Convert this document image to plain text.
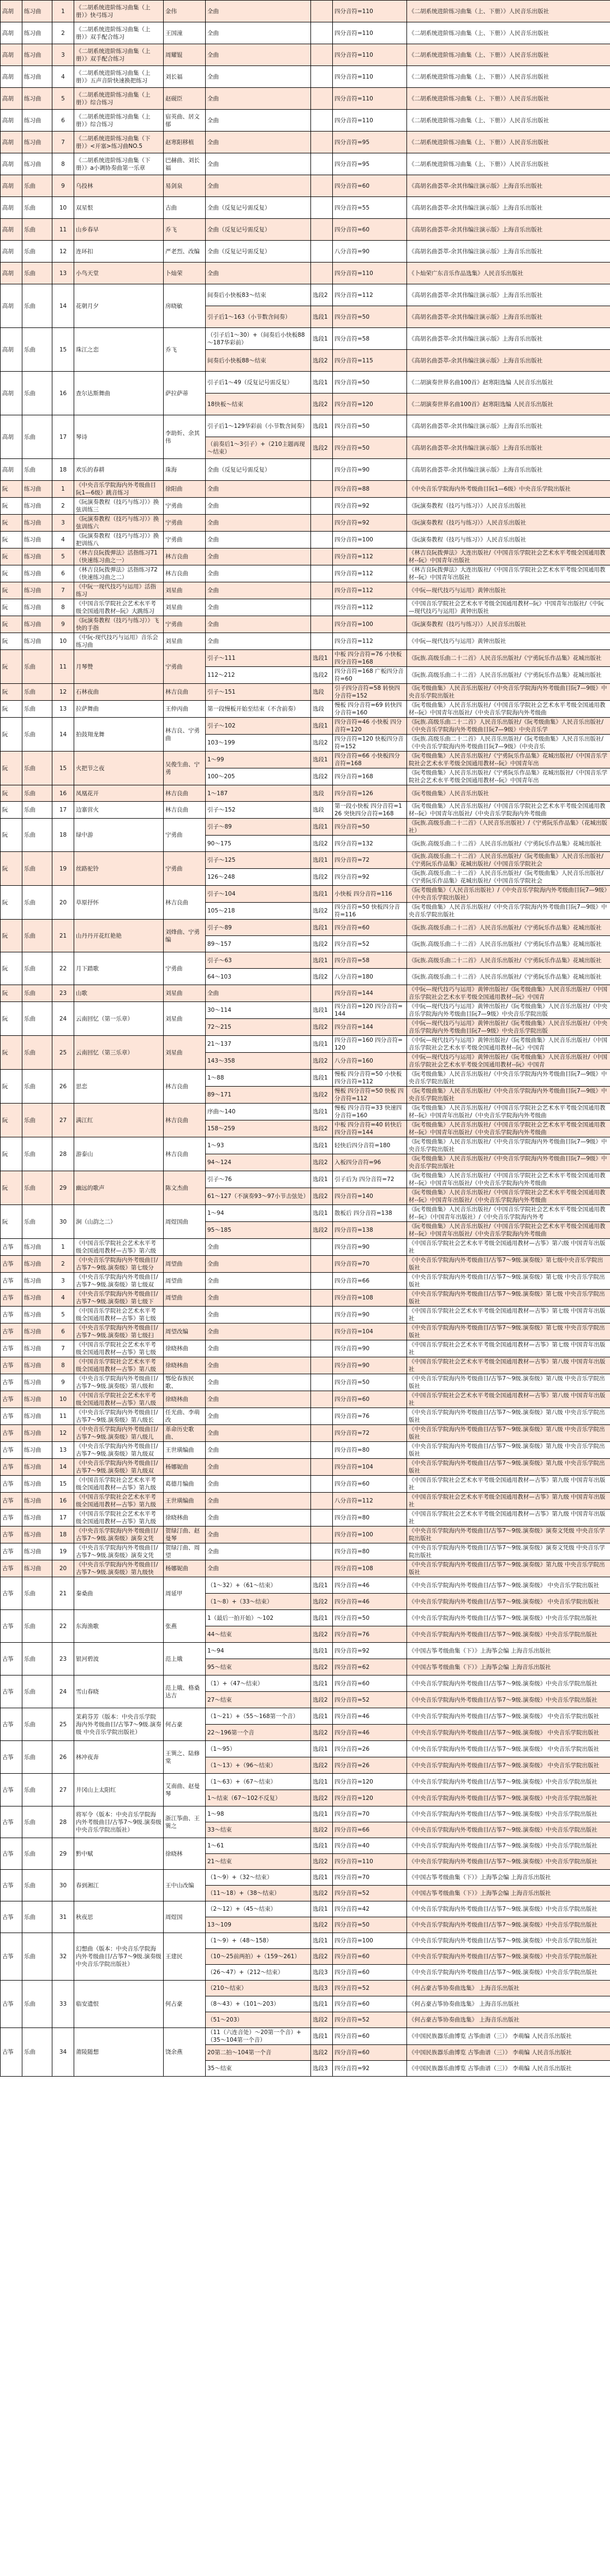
高胡	练习曲	1	《二胡系统进阶练习曲集（上册）》快弓练习	金伟	全曲		四分音符=110	《二胡系统进阶练习曲集（上、下册）》人民音乐出版社
高胡	练习曲	2	《二胡系统进阶练习曲集（上册）》双手配合练习	王国潼	全曲		四分音符=110	《二胡系统进阶练习曲集（上、下册）》人民音乐出版社
高胡	练习曲	3	《二胡系统进阶练习曲集（上册）》双手配合练习	周耀锟	全曲		四分音符=110	《二胡系统进阶练习曲集（上、下册）》人民音乐出版社
高胡	练习曲	4	《二胡系统进阶练习曲集（上册）》五声音阶快速换把练习	刘长福	全曲		四分音符=110	《二胡系统进阶练习曲集（上、下册）》人民音乐出版社
高胡	练习曲	5	《二胡系统进阶练习曲集（上册）》综合练习	赵砚臣	全曲		四分音符=110	《二胡系统进阶练习曲集（上、下册）》人民音乐出版社
高胡	练习曲	6	《二胡系统进阶练习曲集（上册）》综合练习	宿英曲、居文郁	全曲		四分音符=110	《二胡系统进阶练习曲集（上、下册）》人民音乐出版社
高胡	练习曲	7	《二胡系统进阶练习曲集（下册）》<开塞>练习曲NO.5	赵寒阳移植	全曲		四分音符=95	《二胡系统进阶练习曲集（上、下册）》人民音乐出版社
高胡	练习曲	8	《二胡系统进阶练习曲集（下册）》a小调协奏曲第一乐章	巴赫曲、刘长福	全曲		四分音符=95	《二胡系统进阶练习曲集（上、下册）》人民音乐出版社
高胡	乐曲	9	乌投林	易剑泉	全曲		四分音符=60	《高胡名曲荟萃-余其伟编注演示版》上海音乐出版社
高胡	乐曲	10	双星恨	古曲	全曲（反复记号需反复）		四分音符=55	《高胡名曲荟萃-余其伟编注演示版》上海音乐出版社
高胡	乐曲	11	山乡春早	乔飞	全曲（反复记号需反复）		四分音符=60	《高胡名曲荟萃-余其伟编注演示版》上海音乐出版社
高胡	乐曲	12	连环扣	严老烈、改编	全曲（反复记号需反复）		八分音符=90	《高胡名曲荟萃-余其伟编注演示版》上海音乐出版社
高胡	乐曲	13	小鸟天堂	卜灿荣	全曲		四分音符=110	《卜灿荣广东音乐作品选集》人民音乐出版社
高胡	乐曲	14	花朝月夕	房晓敏	间奏后小快板83～结束	选段2	四分音符=112	《高胡名曲荟萃-余其伟编注演示版》上海音乐出版社
					引子后1～163（小节数含间奏）	选段1	四分音符=50	《高胡名曲荟萃-余其伟编注演示版》上海音乐出版社
高胡	乐曲	15	珠江之恋	乔飞	（引子后1～30）+（间奏后小快板88～187华彩前）	选段1	四分音符=58	《高胡名曲荟萃-余其伟编注演示版》上海音乐出版社
					间奏后小快板88～结束	选段2	四分音符=115	《高胡名曲荟萃-余其伟编注演示版》上海音乐出版社
高胡	乐曲	16	查尔达斯舞曲	萨拉萨蒂	引子后1～49（反复记号需反复）	选段1	四分音符=50	《二胡演奏世界名曲100首》赵寒阳选编 人民音乐出版社
					18快板～结束	选段2	四分音符=120	《二胡演奏世界名曲100首》赵寒阳选编 人民音乐出版社
高胡	乐曲	17	琴诗	李助炘、余其伟	引子后1～129华彩前（小节数含间奏）	选段1	四分音符=50	《高胡名曲荟萃-余其伟编注演示版》上海音乐出版社
					（前奏后1～3引子）+（210主题再现～结束）	选段2	四分音符=50	《高胡名曲荟萃-余其伟编注演示版》上海音乐出版社
高胡	乐曲	18	欢乐的春耕	珠海	全曲（反复记号需反复）		四分音符=90	《高胡名曲荟萃-余其伟编注演示版》上海音乐出版社
阮	练习曲	1	《中央音乐学院海内外考级曲目阮1—6级》跳音练习	徐阳曲	全曲		四分音符=88	《中央音乐学院海内外考级曲目阮1—6级》中央音乐学院出版社
阮	练习曲	2	《阮演奏教程（技巧与练习）》换弦训练三	宁勇曲	全曲		四分音符=92	《阮演奏教程（技巧与练习）》人民音乐出版社
阮	练习曲	3	《阮演奏教程（技巧与练习）》换弦训练六	宁勇曲	全曲		四分音符=92	《阮演奏教程（技巧与练习）》人民音乐出版社
阮	练习曲	4	《阮演奏教程（技巧与练习）》换把训练八	宁勇曲	全曲		四分音符=100	《阮演奏教程（技巧与练习）》人民音乐出版社
阮	练习曲	5	《林吉良阮拨弹法》活指练习71（快速练习曲之一）	林吉良曲	全曲		四分音符=112	《林吉良阮拨弹法》大连出版社/《中国音乐学院社会艺术水平考级全国通用教材--阮》中国青年出版社
阮	练习曲	6	《林吉良阮拨弹法》活指练习72（快速练习曲之二）	林吉良曲	全曲		四分音符=112	《林吉良阮拨弹法》大连出版社/《中国音乐学院社会艺术水平考级全国通用教材--阮》中国青年出版社
阮	练习曲	7	《中阮一现代技巧与运用》活指练习	刘星曲	全曲		四分音符=112	《中阮—现代技巧与运用》黄钟出版社
阮	练习曲	8	《中国音乐学院社会艺术水平考级全国通用教材--阮》大跳练习	刘星曲	全曲		四分音符=112	《中国音乐学院社会艺术水平考级全国通用教材--阮》中国青年出版社/《中阮—现代技巧与运用》黄钟出版社
阮	练习曲	9	《阮演奏教程（技巧与练习）》飞快的手指	宁勇曲	全曲		四分音符=100	《阮演奏教程（技巧与练习）》人民音乐出版社
阮	练习曲	10	《中阮-现代技巧与运用》音乐会练习曲	刘星曲	全曲		四分音符=112	《中阮—现代技巧与运用》黄钟出版社
阮	乐曲	11	月琴赞	宁勇曲	引子～111	选段1	中板 四分音符=76 小快板 四分音符=168	《阮族.高级乐曲二十二首》人民音乐出版社/《宁勇阮乐作品集》花城出版社
					112～212	选段2	四分音符=168 广板四分音符=60	《阮族.高级乐曲二十二首》人民音乐出版社/《宁勇阮乐作品集》花城出版社
阮	乐曲	12	石林夜曲	林吉良曲	引子～151	选段	引子四分音符=58 转快四分音符=152	《阮考级曲集》人民音乐出版社/《中央音乐学院海内外考级曲目阮7—9级》中央音乐学院出版社
阮	乐曲	13	拉萨舞曲	王仲丙曲	第一段慢板开始至结束（不含前奏）	选段	慢板 四分音符=69 转快四分音符=160	《阮考级曲集》人民音乐出版社/《中国音乐学院社会艺术水平考级全国通用教材--阮》中国青年出版社/《中央音乐学院海内外考级曲
阮	乐曲	14	拍鼓翔龙舞	林吉良、宁勇曲	引子～102	选段1	四分音符=46 小快板 四分音符=120	《阮族.高级乐曲二十二首》人民音乐出版社/《阮考级曲集》人民音乐出版社/《中央音乐学院海内外考级曲目阮7—9级》中央音乐学
					103～199	选段2	四分音符=120 快板四分音符=152	《阮族.高级乐曲二十二首》人民音乐出版社/《阮考级曲集》人民音乐出版社/《中央音乐学院海内外考级曲目阮7—9级》（中央音乐
阮	乐曲	15	火把节之夜	吴俊生曲、宁勇	1～99	选段1	四分音符=66 小快板四分音符=168	《阮考级曲集》人民音乐出版社/《宁勇阮乐作品集》花城出版社/《中国音乐学院社会艺术水平考级全国通用教材--阮》中国青年出
					100～205	选段2	四分音符=168	《阮考级曲集》人民音乐出版社/《宁勇阮乐作品集》花城出版社/《中国音乐学院社会艺术水平考级全国通用教材--阮》中国青年出
阮	乐曲	16	凤凰花开	林吉良曲	1～187	选段	四分音符=126	《阮考级曲集》人民音乐出版社
阮	乐曲	17	边寨营火	林吉良曲	引子～152	选段	第一段小快板 四分音符=126 突快四分音符=168	《阮考级曲集》人民音乐出版社/《中国音乐学院社会艺术水平考级全国通用教材--阮》中国青年出版社/《中央音乐学院海内外考级曲
阮	乐曲	18	绿中游	宁勇曲	引子～89	选段1	四分音符=50	《阮族.高级乐曲二十二首》（人民音乐出版社）/《宁勇阮乐作品集》（花城出版社）
					90～175	选段2	四分音符=132	《阮族.高级乐曲二十二首》人民音乐出版社/《宁勇阮乐作品集》花城出版社
阮	乐曲	19	丝路驼铃	宁勇曲	引子～125	选段1	四分音符=72	《阮族.高级乐曲二十二首》人民音乐出版社/《阮考级曲集》人民音乐出版社/《宁勇阮乐作品集》花城出版社/《中国音乐学院社会
					126～248	选段2	四分音符=92	《阮族.高级乐曲二十二首》人民音乐出版社/《阮考级曲集》人民音乐出版社/《宁勇阮乐作品集》花城出版社/《中国音乐学院社会
阮	乐曲	20	草原抒怀	林吉良曲	引子～104	选段1	小快板 四分音符=116	《阮考级曲集》（人民音乐出版社）/《中央音乐学院海内外考级曲目阮7—9级》（中央音乐学院出版社）
					105～218	选段2	四分音符=50 快板四分音符=116	《阮考级曲集》人民音乐出版社/《中央音乐学院海内外考级曲目阮7—9级》中央音乐学院出版社
阮	乐曲	21	山丹丹开花红艳艳	刘烽曲、宁勇编	引子～89	选段1	四分音符=60	《阮族.高级乐曲二十二首》人民音乐出版社/《宁勇阮乐作品集》花城出版社
					89～157	选段2	四分音符=52	《阮族.高级乐曲二十二首》人民音乐出版社/《宁勇阮乐作品集》花城出版社
阮	乐曲	22	月下踏歌	宁勇曲	引子～63	选段1	四分音符=58	《阮族.高级乐曲二十二首》人民音乐出版社/《宁勇阮乐作品集》花城出版社
					64～103	选段2	八分音符=180	《阮族.高级乐曲二十二首》人民音乐出版社/《宁勇阮乐作品集》花城出版社
阮	乐曲	23	山歌	刘星曲	全曲		四分音符=144	《中阮—现代技巧与运用》黄钟出版社/《阮考级曲集》人民音乐出版社/《中国音乐学院社会艺术水平考级全国通用教材--阮》中国青
阮	乐曲	24	云南回忆（第一乐章）	刘星曲	30～114	选段1	四分音符=120 四分音符=144	《中阮—现代技巧与运用》黄钟出版社/《阮考级曲集》人民音乐出版社/《中央音乐学院海内外考级曲目阮7—9级》中央音乐学院出版
					72～215	选段2	四分音符=144	《中阮—现代技巧与运用》黄钟出版社/《阮考级曲集》人民音乐出版社/《中央音乐学院海内外考级曲目阮7—9级》中央音乐学院出版
阮	乐曲	25	云南回忆（第三乐章）	刘星曲	21～137	选段1	四分音符=160 四分音符=120	《中阮—现代技巧与运用》黄钟出版社/《阮考级曲集》人民音乐出版社/《中国音乐学院社会艺术水平考级全国通用教材--阮》中国青
					143～358	选段2	八分音符=160	《中阮—现代技巧与运用》黄钟出版社/《阮考级曲集》人民音乐出版社/《中国音乐学院社会艺术水平考级全国通用教材--阮》中国青
阮	乐曲	26	思恋	林吉良曲	1～88	选段1	慢板 四分音符=50 小快板 四分音符=112	《阮考级曲集》人民音乐出版社/《中央音乐学院海内外考级曲目阮7—9级》中央音乐学院出版社
					89～171	选段2	慢板 四分音符=50 快板 四分音符=112	《阮考级曲集》人民音乐出版社/《中央音乐学院海内外考级曲目阮7—9级》中央音乐学院出版社
阮	乐曲	27	满江红	林吉良曲	序曲～140	选段1	慢板 四分音符=33 快速四分音符=160	《阮考级曲集》人民音乐出版社/《中国音乐学院社会艺术水平考级全国通用教材--阮》中国青年出版社/《中央音乐学院海内外考级曲
					158～259	选段2	中板 四分音符=40 转快后 四分音符=144	《阮考级曲集》人民音乐出版社/《中国音乐学院社会艺术水平考级全国通用教材--阮》中国青年出版社/《中央音乐学院海内外考级曲
阮	乐曲	28	游泰山	林吉良曲	1～93	选段1	轻快后四分音符=180	《阮考级曲集》人民音乐出版社/《中央音乐学院海内外考级曲目阮7—9级》中央音乐学院出版社
					94～124	选段2	入板四分音符=96	《阮考级曲集》人民音乐出版社/《中央音乐学院海内外考级曲目阮7—9级》中央音乐学院出版社
阮	乐曲	29	幽远的歌声	陈文杰曲	引子～76	选段1	引子后为 四分音符=72	《阮考级曲集》人民音乐出版社/《中国音乐学院社会艺术水平考级全国通用教材--阮》中国青年出版社/《中央音乐学院海内外考级曲
					61～127（不演奏93～97小节击弦处）	选段2	四分音符=140	《阮考级曲集》人民音乐出版社/《中国音乐学院社会艺术水平考级全国通用教材--阮》中国青年出版社/《中央音乐学院海内外考级曲
阮	乐曲	30	涧（山韵之二）	周煜国曲	1～94	选段1	散板后 四分音符=138	《阮考级曲集》人民音乐出版社/《中国音乐学院社会艺术水平考级全国通用教材--阮》（中国青年出版社）/《中央音乐学院海内外考
					95～185	选段2	四分音符=138	《阮考级曲集》人民音乐出版社/《中国音乐学院社会艺术水平考级全国通用教材--阮》中国青年出版社/《中央音乐学院海内外考级曲
古筝	练习曲	1	《中国音乐学院社会艺术水平考级全国通用教材—古筝》第六级		全曲		四分音符=90	《中国音乐学院社会艺术水平考级全国通用教材—古筝》第六级 中国青年出版社
古筝	练习曲	2	《中央音乐学院海内外考级曲目/古筝7～9级.演奏级》第七级分	周望曲	全曲		四分音符=70	《中央音乐学院海内外考级曲目/古筝7～9级.演奏级》第七级中央音乐学院出版社
古筝	练习曲	3	《中央音乐学院海内外考级曲目/古筝7～9级.演奏级》第七级双	周望曲	全曲		四分音符=66	《中央音乐学院海内外考级曲目/古筝7～9级.演奏级》第七级 中央音乐学院出版社
古筝	练习曲	4	《中央音乐学院海内外考级曲目/古筝7～9级.演奏级》第七级下	周望曲	全曲		四分音符=108	《中央音乐学院海内外考级曲目/古筝7～9级.演奏级》第七级 中央音乐学院出版社
古筝	练习曲	5	《中国音乐学院社会艺术水平考级全国通用教材—古筝》第七级		全曲		四分音符=90	《中国音乐学院社会艺术水平考级全国通用教材—古筝》第七级 中国青年出版社
古筝	练习曲	6	《中央音乐学院海内外考级曲目/古筝7～9级.演奏级》第七级扫	周望改编	全曲		四分音符=104	《中央音乐学院海内外考级曲目/古筝7～9级.演奏级》第七级 中央音乐学院出版社
古筝	练习曲	7	《中国音乐学院社会艺术水平考级全国通用教材—古筝》第七级	徐晓林曲	全曲		四分音符=90	《中国音乐学院社会艺术水平考级全国通用教材—古筝》第七级 中国青年出版社
古筝	练习曲	8	《中国音乐学院社会艺术水平考级全国通用教材—古筝》第八级	徐晓林曲	全曲		四分音符=90	《中国音乐学院社会艺术水平考级全国通用教材—古筝》第八级 中国青年出版社
古筝	练习曲	9	《中央音乐学院海内外考级曲目/古筝7～9级.演奏级》第八级和	鄂伦春族民歌、	全曲		四分音符=50	《中央音乐学院海内外考级曲目/古筝7～9级.演奏级》第八级 中央音乐学院出版社
古筝	练习曲	10	《中国音乐学院社会艺术水平考级全国通用教材—古筝》第八级	徐晓林曲	全曲		四分音符=60	《中国音乐学院社会艺术水平考级全国通用教材—古筝》第八级 中国青年出版社
古筝	练习曲	11	《中央音乐学院海内外考级曲目/古筝7～9级.演奏级》第八级长	任光曲、李萌改	全曲		四分音符=76	《中央音乐学院海内外考级曲目/古筝7～9级.演奏级》第八级 中央音乐学院出版社
古筝	练习曲	12	《中央音乐学院海内外考级曲目/古筝7～9级.演奏级》第八级儿	革命历史歌曲、	全曲		四分音符=72	《中央音乐学院海内外考级曲目/古筝7～9级.演奏级》第八级 中央音乐学院出版社
古筝	练习曲	13	《中央音乐学院海内外考级曲目/古筝7～9级.演奏级》第九级双	王世璜编曲	全曲		四分音符=80	《中央音乐学院海内外考级曲目/古筝7～9级.演奏级》第九级 中央音乐学院出版社
古筝	练习曲	14	《中央音乐学院海内外考级曲目/古筝7～9级.演奏级》第九级双	杨娜妮曲	全曲		四分音符=104	《中央音乐学院海内外考级曲目/古筝7～9级.演奏级》第九级 中央音乐学院出版社
古筝	练习曲	15	《中国音乐学院社会艺术水平考级全国通用教材—古筝》第九级	葛德月编曲	全曲		四分音符=60	《中国音乐学院社会艺术水平考级全国通用教材—古筝》第九级 中国青年出版社
古筝	练习曲	16	《中国音乐学院社会艺术水平考级全国通用教材—古筝》第九级	王世璜编曲	全曲		八分音符=112	《中国音乐学院社会艺术水平考级全国通用教材—古筝》第九级 中国青年出版社
古筝	练习曲	17	《中国音乐学院社会艺术水平考级全国通用教材—古筝》第九级	徐晓林曲	全曲		四分音符=80	《中国音乐学院社会艺术水平考级全国通用教材—古筝》第九级 中国青年出版社
古筝	练习曲	18	《中央音乐学院海内外考级曲目/古筝7～9级.演奏级》演奏文凭	贺绿汀曲、赵曼琴	全曲		四分音符=100	《中央音乐学院海内外考级曲目/古筝7～9级.演奏级》演奏文凭级 中央音乐学院出版社
古筝	练习曲	19	《中央音乐学院海内外考级曲目/古筝7～9级.演奏级》演奏文凭	贺绿汀曲、周望	全曲		四分音符=80	《中央音乐学院海内外考级曲目/古筝7～9级.演奏级》演奏文凭级 中央音乐学院出版社
古筝	练习曲	20	《中央音乐学院海内外考级曲目/古筝7～9级.演奏级》第九级快	杨娜妮曲	全曲		四分音符=108	《中央音乐学院海内外考级曲目/古筝7～9级.演奏级》第九级 中央音乐学院出版社
古筝	乐曲	21	秦桑曲	周延甲	（1～32）+（61～结束）	选段1	四分音符=46	《中央音乐学院海内外考级曲目/古筝7～9级.演奏级》 中央音乐学院出版社
					（1～8）+（33～结束）	选段2	四分音符=46	《中央音乐学院海内外考级曲目/古筝7～9级.演奏级》 中央音乐学院出版社
古筝	乐曲	22	东海渔歌	张燕	1（最后一拍开始）～102	选段1	四分音符=50	《中央音乐学院海内外考级曲目/古筝7～9级.演奏级》中央音乐学院出版社
					44～结束	选段2	四分音符=76	《中央音乐学院海内外考级曲目/古筝7～9级.演奏级》中央音乐学院出版社
古筝	乐曲	23	银河碧波	范上娥	1～94	选段1	四分音符=92	《中国古筝考级曲集（下）》上海筝会编 上海音乐出版社
					95～结束	选段2	四分音符=62	《中国古筝考级曲集（下）》上海筝会编 上海音乐出版社
古筝	乐曲	24	雪山春晓	范上娥、格桑达吉	（1）+（47～结束）	选段1	四分音符=60	《中央音乐学院海内外考级曲目/古筝7～9级.演奏级》中央音乐学院出版社
					27～结束	选段2	四分音符=52	《中央音乐学院海内外考级曲目/古筝7～9级.演奏级》中央音乐学院出版社
古筝	乐曲	25	茉莉芬芳（版本：中央音乐学院海内外考级曲目/古筝7～9级.演奏级 中央音乐学院出版社）	何占豪	（1～21）+（55～168第一个音）	选段1	四分音符=46	《中央音乐学院海内外考级曲目/古筝7～9级.演奏级》 中央音乐学院出版社
					22～196第一个音	选段2	四分音符=46	《中央音乐学院海内外考级曲目/古筝7～9级.演奏级》 中央音乐学院出版社
古筝	乐曲	26	林冲夜奔	王巽之、陆修棠	（1～95）	选段1	四分音符=26	《中央音乐学院海内外考级曲目/古筝7～9级.演奏级》 中央音乐学院出版社
					（1～13）+（96～结束）	选段2	四分音符=26	《中央音乐学院海内外考级曲目/古筝7～9级.演奏级》 中央音乐学院出版社
古筝	乐曲	27	井冈山上太阳红	艾南曲、赵曼琴	（1～63）+（67～结束）	选段1	四分音符=120	《中央音乐学院海内外考级曲目/古筝7～9级.演奏级》中央音乐学院出版社
					1～结束（67～102不反复）	选段2	四分音符=120	《中央音乐学院海内外考级曲目/古筝7～9级.演奏级》中央音乐学院出版社
古筝	乐曲	28	将军令（版本：中央音乐学院海内外考级曲目/古筝7～9级.演奏级 中央音乐学院出版社）	浙江筝曲、王巽之	1～98	选段1	四分音符=70	《中央音乐学院海内外考级曲目/古筝7～9级.演奏级》中央音乐学院出版社
					33～结束	选段2	四分音符=66	《中央音乐学院海内外考级曲目/古筝7～9级.演奏级》中央音乐学院出版社
古筝	乐曲	29	黔中赋	徐晓林	1～61	选段1	四分音符=40	《中央音乐学院海内外考级曲目/古筝7～9级.演奏级》中央音乐学院出版社
					21～结束	选段2	四分音符=110	《中央音乐学院海内外考级曲目/古筝7～9级.演奏级》中央音乐学院出版社
古筝	乐曲	30	春到湘江	王中山改编	（1～9）+（32～结束）	选段1	四分音符=70	《中国古筝考级曲集（下）》上海筝会编 上海音乐出版社
					（11～18）+（38～结束）	选段2	四分音符=52	《中国古筝考级曲集（下）》上海筝会编 上海音乐出版社
古筝	乐曲	31	秋夜思	周煜国	（2～12）+（45～结束）	选段1	四分音符=42	《中央音乐学院海内外考级曲目/古筝7～9级.演奏级》中央音乐学院出版社
					13～109	选段2	四分音符=50	《中央音乐学院海内外考级曲目/古筝7～9级.演奏级》中央音乐学院出版社
古筝	乐曲	32	幻想曲（版本：中央音乐学院海内外考级曲目/古筝7～9级.演奏级 中央音乐学院出版社）	王建民	（1～9）+（48～158）	选段1	四分音符=100	《中央音乐学院海内外考级曲目/古筝7～9级.演奏级》中央音乐学院出版社
					（10～25前两拍）+（159～261）	选段2	四分音符=60	《中央音乐学院海内外考级曲目/古筝7～9级.演奏级》中央音乐学院出版社
					（26～47）+（212～结束）	选段3	四分音符=60	《中央音乐学院海内外考级曲目/古筝7～9级.演奏级》中央音乐学院出版社
古筝	乐曲	33	临安遗恨	何占豪	（210～结束）	选段3	四分音符=52	《何占豪古筝协奏曲选集》 上海音乐出版社
					（8～43）+（101～203）	选段1	四分音符=60	《何占豪古筝协奏曲选集》 上海音乐出版社
					（51～203）	选段2	四分音符=52	《何占豪古筝协奏曲选集》 上海音乐出版社
古筝	乐曲	34	莆陵随想	饶余燕	（11（六连音处）～20第一个音）+（35～104第一个音）	选段1	四分音符=60	《中国民族器乐曲博览 古筝曲谱（三）》 李萌编 人民音乐出版社
					20第二拍～104第一个音	选段2	四分音符=60	《中国民族器乐曲博览 古筝曲谱（三）》 李萌编 人民音乐出版社
					35～结束	选段3	四分音符=92	《中国民族器乐曲博览 古筝曲谱（三）》 李萌编 人民音乐出版社
